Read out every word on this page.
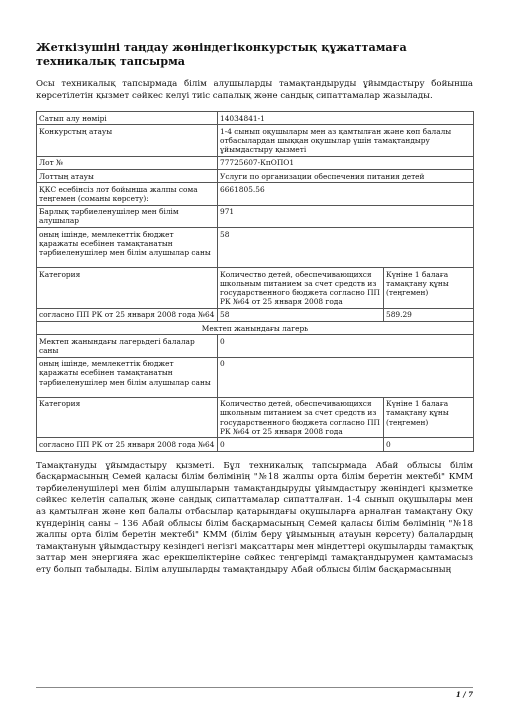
Жеткізушіні таңдау жөніндегіконкурстық құжаттамаға техникалық тапсырма

Осы техникалық тапсырмада білім алушыларды тамақтандыруды ұйымдастыру бойынша көрсетілетін қызмет сәйкес келуі тиіс сапалық және сандық сипаттамалар жазылады.

Сатып алу нөмірі	14034841-1	
Конкурстың атауы	1-4 сынып оқушылары мен аз қамтылған және көп балалы отбасылардан шыққан оқушылар үшін тамақтандыру ұйымдастыру қызметі	
Лот №	77725607-КпОПО1	
Лоттың атауы	Услуги по организации обеспечения питания детей	
ҚКС есебінсіз лот бойынша жалпы сома теңгемен (соманы көрсету):	6661805.56	
Барлық тәрбиеленушілер мен білім алушылар	971	
оның ішінде, мемлекеттік бюджет қаражаты есебінен тамақтанатын тәрбиеленушілер мен білім алушылар саны	58	
Категория	Количество детей, обеспечивающихся школьным питанием за счет средств из государственного бюджета согласно ПП РК №64 от 25 января 2008 года	Күніне 1 балаға тамақтану құны (теңгемен)
согласно ПП РК от 25 января 2008 года №64	58	589.29
Мектеп жанындағы лагерь		
Мектеп жанындағы лагерьдегі балалар саны	0	
оның ішінде, мемлекеттік бюджет қаражаты есебінен тамақтанатын тәрбиеленушілер мен білім алушылар саны	0	
Категория	Количество детей, обеспечивающихся школьным питанием за счет средств из государственного бюджета согласно ПП РК №64 от 25 января 2008 года	Күніне 1 балаға тамақтану құны (теңгемен)
согласно ПП РК от 25 января 2008 года №64	0	0

Тамақтануды ұйымдастыру қызметі. Бұл техникалық тапсырмада Абай облысы білім басқармасының Семей қаласы білім бөлімінің "№18 жалпы орта білім беретін мектебі" КММ тәрбиеленушілері мен білім алушыларын тамақтандыруды ұйымдастыру жөніндегі қызметке сәйкес келетін сапалық және сандық сипаттамалар сипатталған. 1-4 сынып оқушылары мен аз қамтылған және көп балалы отбасылар қатарындағы оқушыларға арналған тамақтану Оқу күндерінің саны – 136 Абай облысы білім басқармасының Семей қаласы білім бөлімінің "№18 жалпы орта білім беретін мектебі" КММ (білім беру ұйымының атауын көрсету) балалардың тамақтануын ұйымдастыру кезіндегі негізгі мақсаттары мен міндеттері оқушыларды тамақтық заттар мен энергияға жас ерекшеліктеріне сәйкес теңгерімді тамақтандырумен қамтамасыз ету болып табылады. Білім алушыларды тамақтандыру Абай облысы білім басқармасының

1 / 7
